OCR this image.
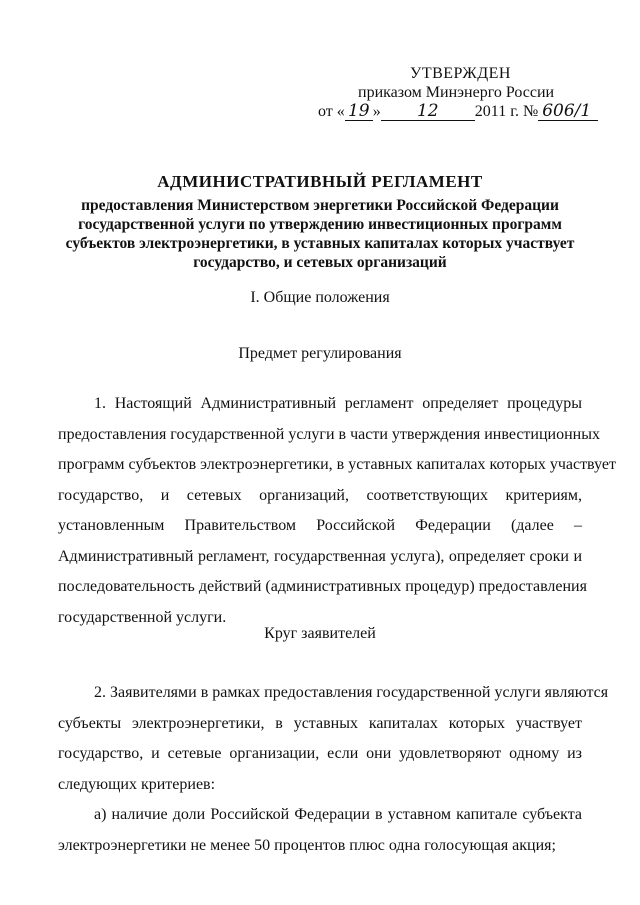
УТВЕРЖДЕН
приказом Минэнерго России
от « 19 » 12 2011 г. № 606/1
АДМИНИСТРАТИВНЫЙ РЕГЛАМЕНТ
предоставления Министерством энергетики Российской Федерации
государственной услуги по утверждению инвестиционных программ
субъектов электроэнергетики, в уставных капиталах которых участвует
государство, и сетевых организаций
I. Общие положения
Предмет регулирования
1. Настоящий Административный регламент определяет процедуры
предоставления государственной услуги в части утверждения инвестиционных
программ субъектов электроэнергетики, в уставных капиталах которых участвует
государство, и сетевых организаций, соответствующих критериям,
установленным Правительством Российской Федерации (далее –
Административный регламент, государственная услуга), определяет сроки и
последовательность действий (административных процедур) предоставления
государственной услуги.
Круг заявителей
2. Заявителями в рамках предоставления государственной услуги являются
субъекты электроэнергетики, в уставных капиталах которых участвует
государство, и сетевые организации, если они удовлетворяют одному из
следующих критериев:
а) наличие доли Российской Федерации в уставном капитале субъекта
электроэнергетики не менее 50 процентов плюс одна голосующая акция;
